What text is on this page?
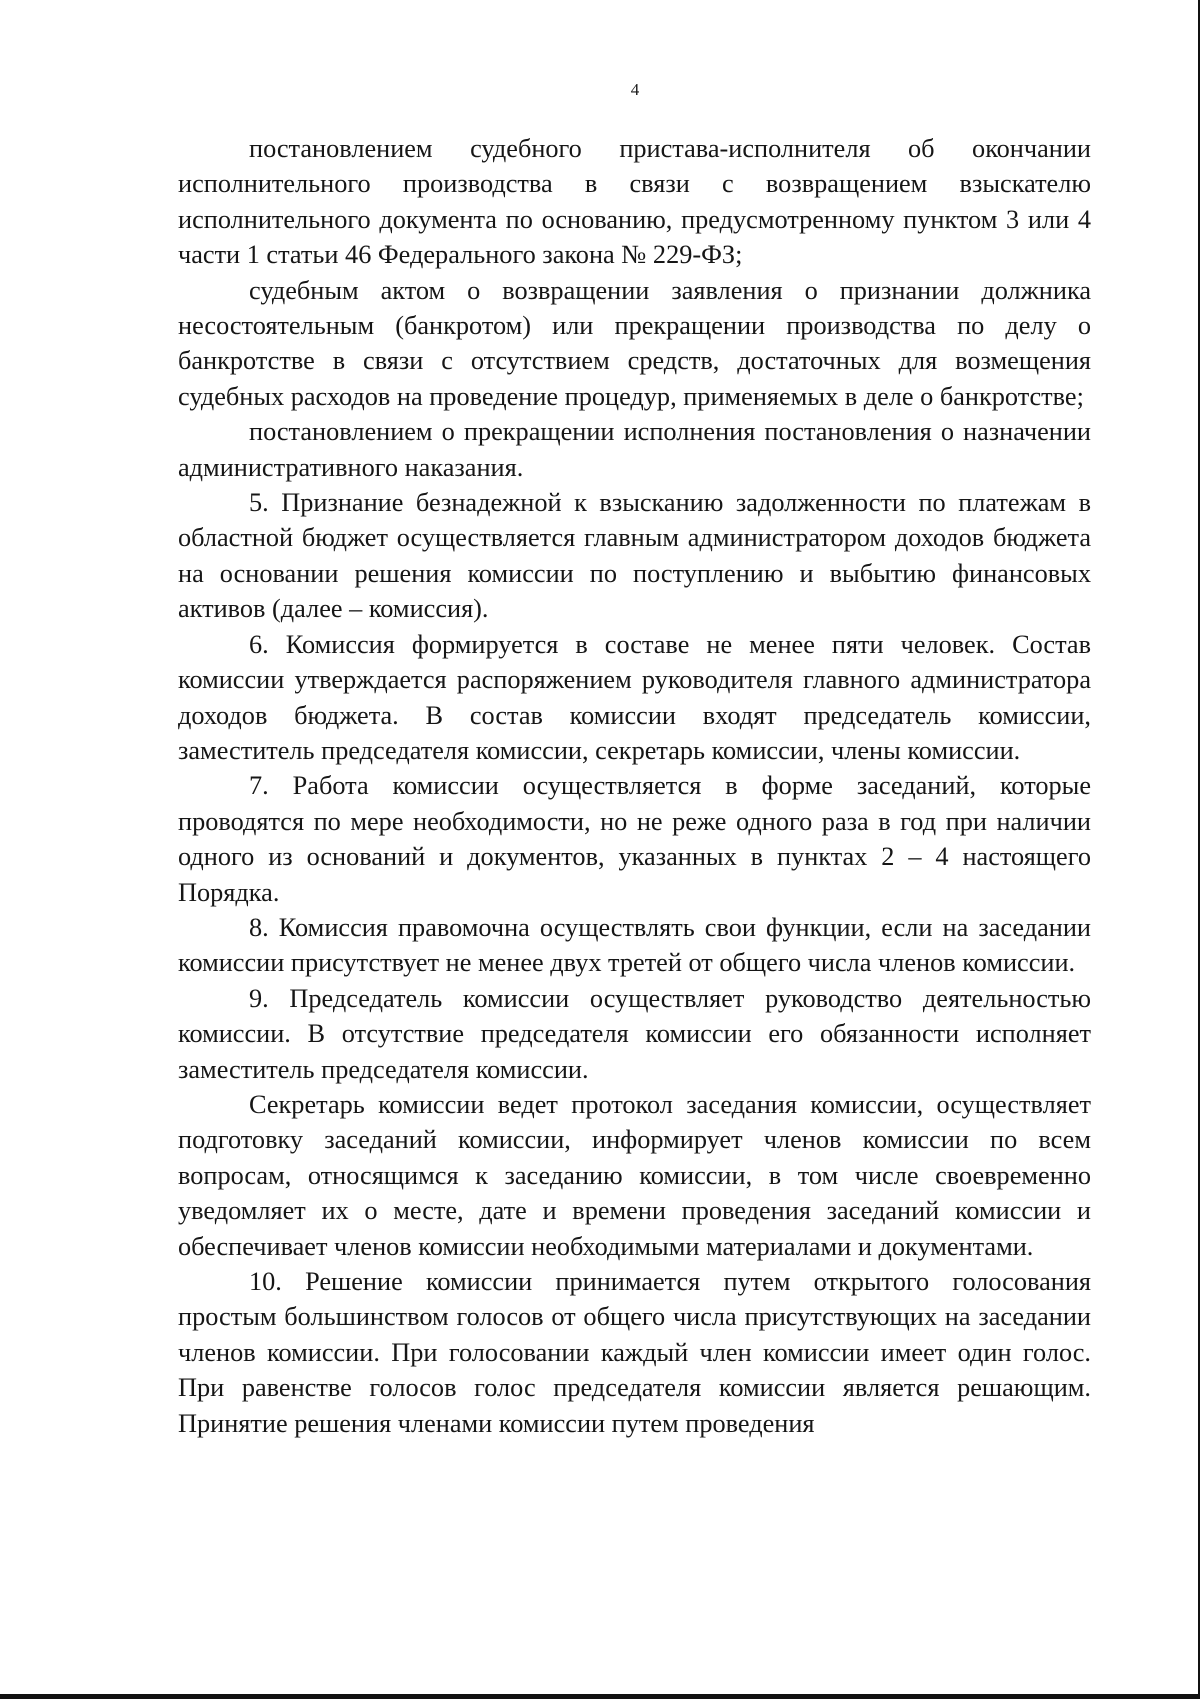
4

постановлением судебного пристава-исполнителя об окончании исполнительного производства в связи с возвращением взыскателю исполнительного документа по основанию, предусмотренному пунктом 3 или 4 части 1 статьи 46 Федерального закона № 229-ФЗ;

судебным актом о возвращении заявления о признании должника несостоятельным (банкротом) или прекращении производства по делу о банкротстве в связи с отсутствием средств, достаточных для возмещения судебных расходов на проведение процедур, применяемых в деле о банкротстве;

постановлением о прекращении исполнения постановления о назначении административного наказания.

5. Признание безнадежной к взысканию задолженности по платежам в областной бюджет осуществляется главным администратором доходов бюджета на основании решения комиссии по поступлению и выбытию финансовых активов (далее – комиссия).

6. Комиссия формируется в составе не менее пяти человек. Состав комиссии утверждается распоряжением руководителя главного администратора доходов бюджета. В состав комиссии входят председатель комиссии, заместитель председателя комиссии, секретарь комиссии, члены комиссии.

7. Работа комиссии осуществляется в форме заседаний, которые проводятся по мере необходимости, но не реже одного раза в год при наличии одного из оснований и документов, указанных в пунктах 2 – 4 настоящего Порядка.

8. Комиссия правомочна осуществлять свои функции, если на заседании комиссии присутствует не менее двух третей от общего числа членов комиссии.

9. Председатель комиссии осуществляет руководство деятельностью комиссии. В отсутствие председателя комиссии его обязанности исполняет заместитель председателя комиссии.

Секретарь комиссии ведет протокол заседания комиссии, осуществляет подготовку заседаний комиссии, информирует членов комиссии по всем вопросам, относящимся к заседанию комиссии, в том числе своевременно уведомляет их о месте, дате и времени проведения заседаний комиссии и обеспечивает членов комиссии необходимыми материалами и документами.

10. Решение комиссии принимается путем открытого голосования простым большинством голосов от общего числа присутствующих на заседании членов комиссии. При голосовании каждый член комиссии имеет один голос. При равенстве голосов голос председателя комиссии является решающим. Принятие решения членами комиссии путем проведения
